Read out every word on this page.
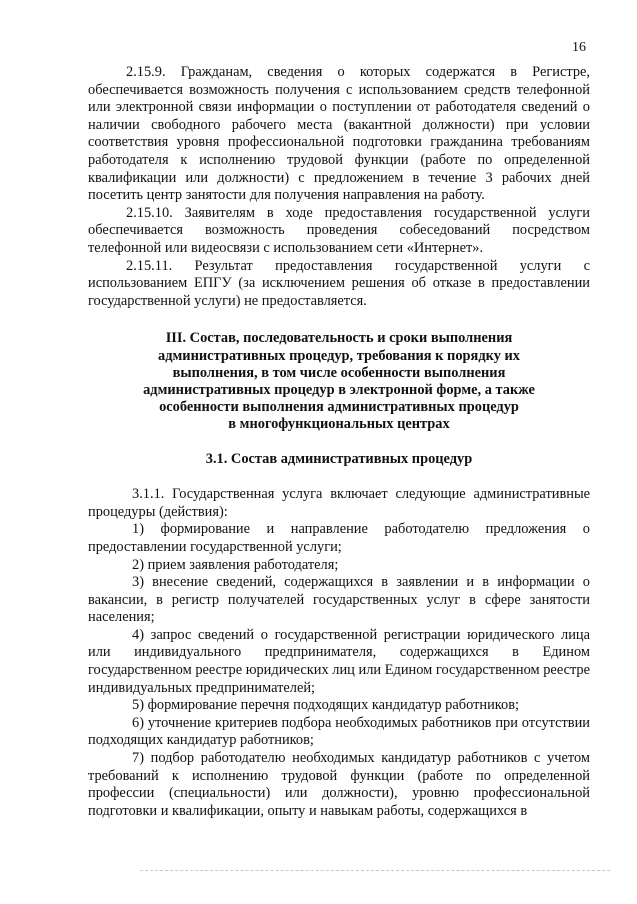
16

2.15.9. Гражданам, сведения о которых содержатся в Регистре, обеспечивается возможность получения с использованием средств телефонной или электронной связи информации о поступлении от работодателя сведений о наличии свободного рабочего места (вакантной должности) при условии соответствия уровня профессиональной подготовки гражданина требованиям работодателя к исполнению трудовой функции (работе по определенной квалификации или должности) с предложением в течение 3 рабочих дней посетить центр занятости для получения направления на работу.

2.15.10. Заявителям в ходе предоставления государственной услуги обеспечивается возможность проведения собеседований посредством телефонной или видеосвязи с использованием сети «Интернет».

2.15.11. Результат предоставления государственной услуги с использованием ЕПГУ (за исключением решения об отказе в предоставлении государственной услуги) не предоставляется.

III. Состав, последовательность и сроки выполнения
административных процедур, требования к порядку их
выполнения, в том числе особенности выполнения
административных процедур в электронной форме, а также
особенности выполнения административных процедур
в многофункциональных центрах
3.1. Состав административных процедур

3.1.1. Государственная услуга включает следующие административные процедуры (действия):

1) формирование и направление работодателю предложения о предоставлении государственной услуги;

2) прием заявления работодателя;

3) внесение сведений, содержащихся в заявлении и в информации о вакансии, в регистр получателей государственных услуг в сфере занятости населения;

4) запрос сведений о государственной регистрации юридического лица или индивидуального предпринимателя, содержащихся в Едином государственном реестре юридических лиц или Едином государственном реестре индивидуальных предпринимателей;

5) формирование перечня подходящих кандидатур работников;

6) уточнение критериев подбора необходимых работников при отсутствии подходящих кандидатур работников;

7) подбор работодателю необходимых кандидатур работников с учетом требований к исполнению трудовой функции (работе по определенной профессии (специальности) или должности), уровню профессиональной подготовки и квалификации, опыту и навыкам работы, содержащихся в
